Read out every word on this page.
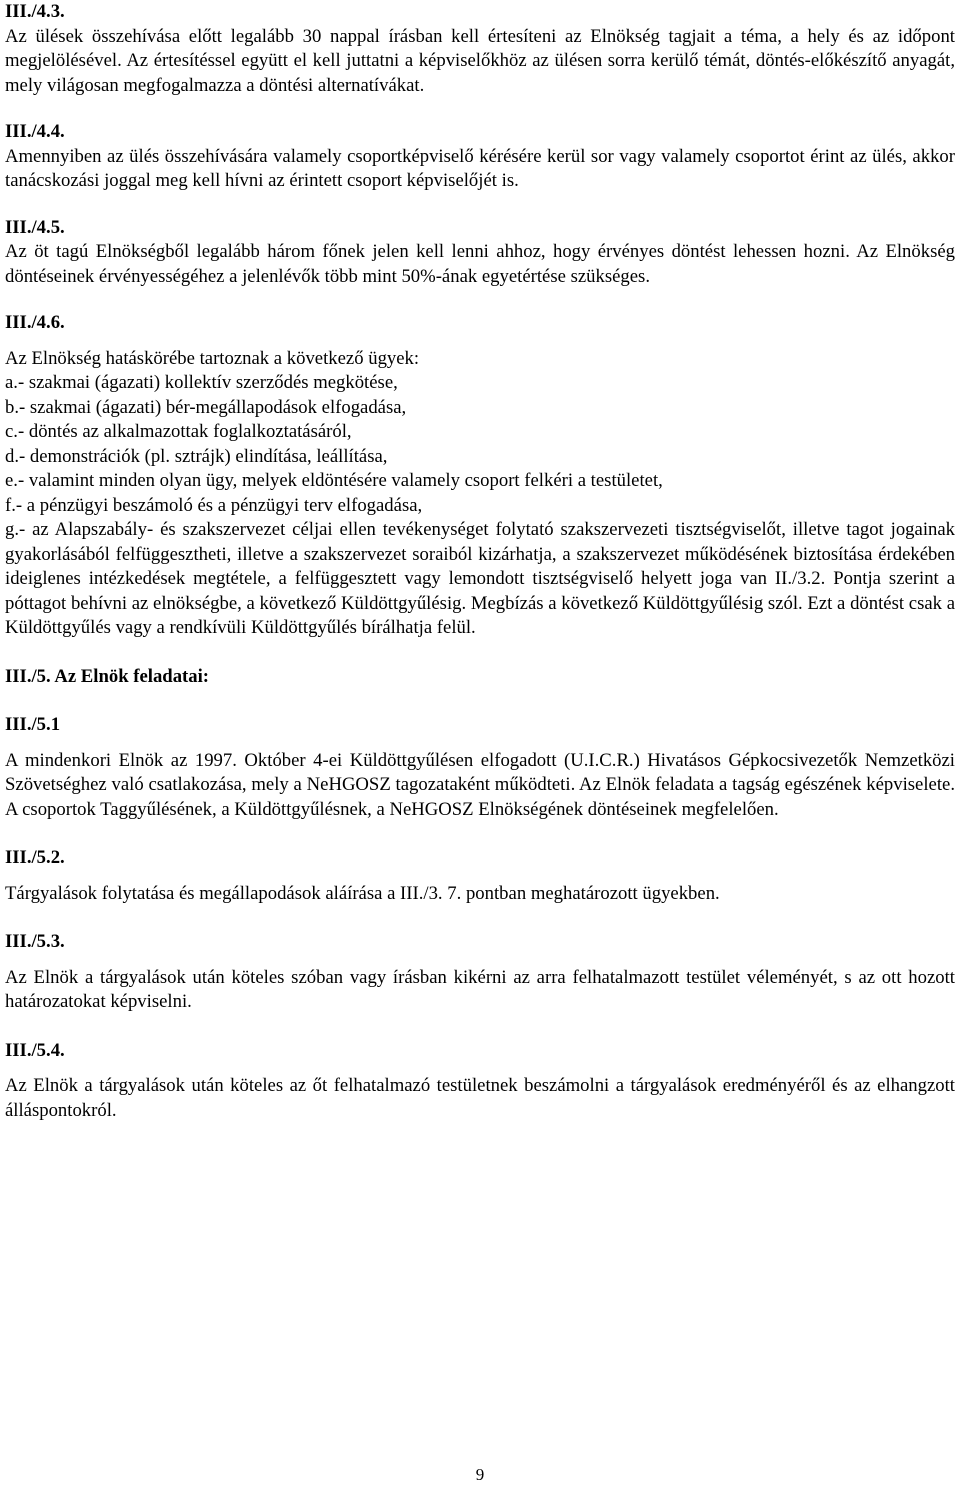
III./4.3.

Az ülések összehívása előtt legalább 30 nappal írásban kell értesíteni az Elnökség tagjait a téma, a hely és az időpont megjelölésével. Az értesítéssel együtt el kell juttatni a képviselőkhöz az ülésen sorra kerülő témát, döntés-előkészítő anyagát, mely világosan megfogalmazza a döntési alternatívákat.

III./4.4.

Amennyiben az ülés összehívására valamely csoportképviselő kérésére kerül sor vagy valamely csoportot érint az ülés, akkor tanácskozási joggal meg kell hívni az érintett csoport képviselőjét is.

III./4.5.

Az öt tagú Elnökségből legalább három főnek jelen kell lenni ahhoz, hogy érvényes döntést lehessen hozni. Az Elnökség döntéseinek érvényességéhez a jelenlévők több mint 50%-ának egyetértése szükséges.

III./4.6.

Az Elnökség hatáskörébe tartoznak a következő ügyek:

a.- szakmai (ágazati) kollektív szerződés megkötése,
b.- szakmai (ágazati) bér-megállapodások elfogadása,
c.- döntés az alkalmazottak foglalkoztatásáról,
d.- demonstrációk (pl. sztrájk) elindítása, leállítása,
e.- valamint minden olyan ügy, melyek eldöntésére valamely csoport felkéri a testületet,
f.- a pénzügyi beszámoló és a pénzügyi terv elfogadása,
g.- az Alapszabály- és szakszervezet céljai ellen tevékenységet folytató szakszervezeti tisztségviselőt, illetve tagot jogainak gyakorlásából felfüggesztheti, illetve a szakszervezet soraiból kizárhatja, a szakszervezet működésének biztosítása érdekében ideiglenes intézkedések megtétele, a felfüggesztett vagy lemondott tisztségviselő helyett joga van II./3.2. Pontja szerint a póttagot behívni az elnökségbe, a következő Küldöttgyűlésig. Megbízás a következő Küldöttgyűlésig szól. Ezt a döntést csak a Küldöttgyűlés vagy a rendkívüli Küldöttgyűlés bírálhatja felül.

III./5. Az Elnök feladatai:

III./5.1

A mindenkori Elnök az 1997. Október 4-ei Küldöttgyűlésen elfogadott (U.I.C.R.) Hivatásos Gépkocsivezetők Nemzetközi Szövetséghez való csatlakozása, mely a NeHGOSZ tagozataként működteti. Az Elnök feladata a tagság egészének képviselete. A csoportok Taggyűlésének, a Küldöttgyűlésnek, a NeHGOSZ Elnökségének döntéseinek megfelelően.

III./5.2.

Tárgyalások folytatása és megállapodások aláírása a III./3. 7. pontban meghatározott ügyekben.

III./5.3.

Az Elnök a tárgyalások után köteles szóban vagy írásban kikérni az arra felhatalmazott testület véleményét, s az ott hozott határozatokat képviselni.

III./5.4.

Az Elnök a tárgyalások után köteles az őt felhatalmazó testületnek beszámolni a tárgyalások eredményéről és az elhangzott álláspontokról.

9
